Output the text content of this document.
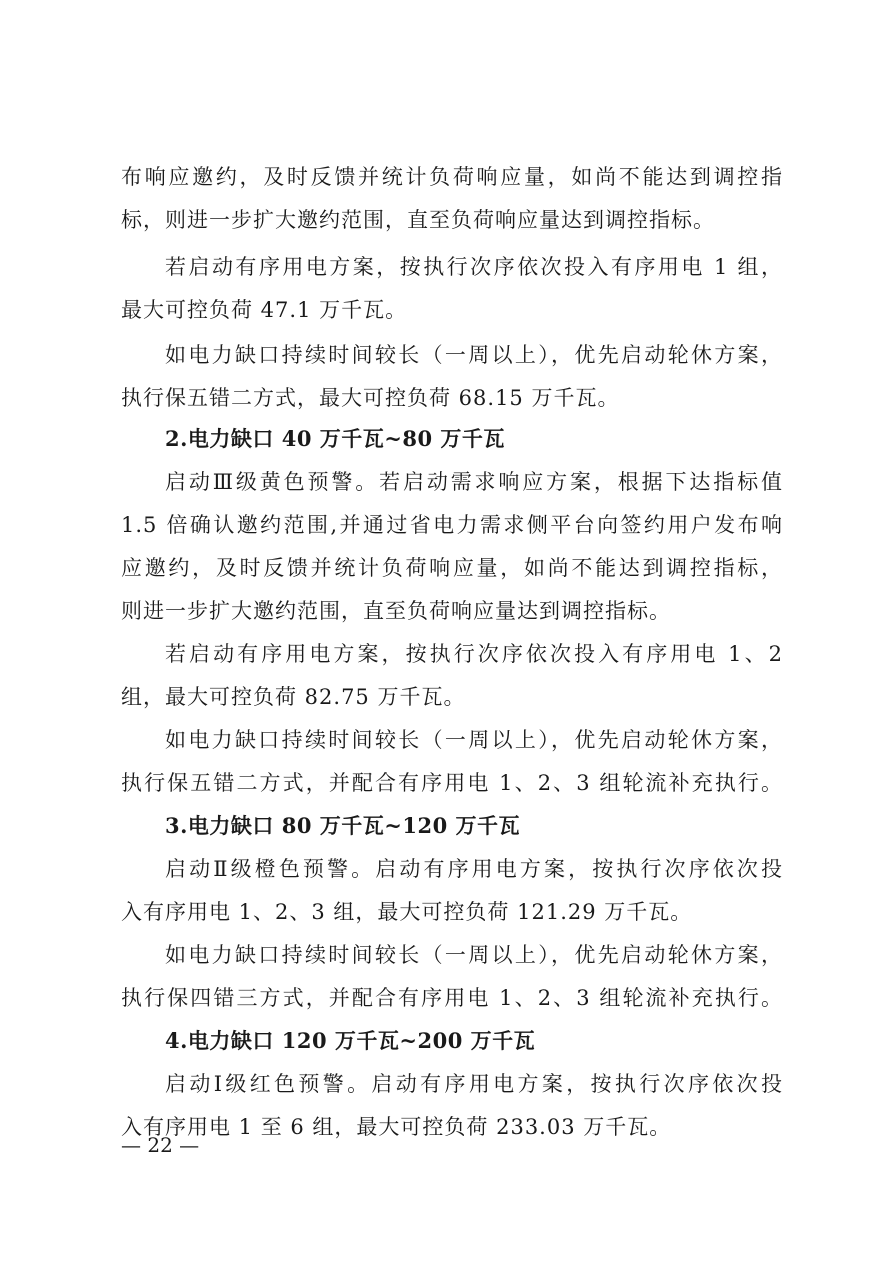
布响应邀约，及时反馈并统计负荷响应量，如尚不能达到调控指
标，则进一步扩大邀约范围，直至负荷响应量达到调控指标。
若启动有序用电方案，按执行次序依次投入有序用电 1 组，
最大可控负荷 47.1 万千瓦。
如电力缺口持续时间较长（一周以上），优先启动轮休方案，
执行保五错二方式，最大可控负荷 68.15 万千瓦。
2.电力缺口 40 万千瓦~80 万千瓦
启动Ⅲ级黄色预警。若启动需求响应方案，根据下达指标值
1.5 倍确认邀约范围,并通过省电力需求侧平台向签约用户发布响
应邀约，及时反馈并统计负荷响应量，如尚不能达到调控指标，
则进一步扩大邀约范围，直至负荷响应量达到调控指标。
若启动有序用电方案，按执行次序依次投入有序用电 1、2
组，最大可控负荷 82.75 万千瓦。
如电力缺口持续时间较长（一周以上），优先启动轮休方案，
执行保五错二方式，并配合有序用电 1、2、3 组轮流补充执行。
3.电力缺口 80 万千瓦~120 万千瓦
启动Ⅱ级橙色预警。启动有序用电方案，按执行次序依次投
入有序用电 1、2、3 组，最大可控负荷 121.29 万千瓦。
如电力缺口持续时间较长（一周以上），优先启动轮休方案，
执行保四错三方式，并配合有序用电 1、2、3 组轮流补充执行。
4.电力缺口 120 万千瓦~200 万千瓦
启动Ⅰ级红色预警。启动有序用电方案，按执行次序依次投
入有序用电 1 至 6 组，最大可控负荷 233.03 万千瓦。
— 22 —
